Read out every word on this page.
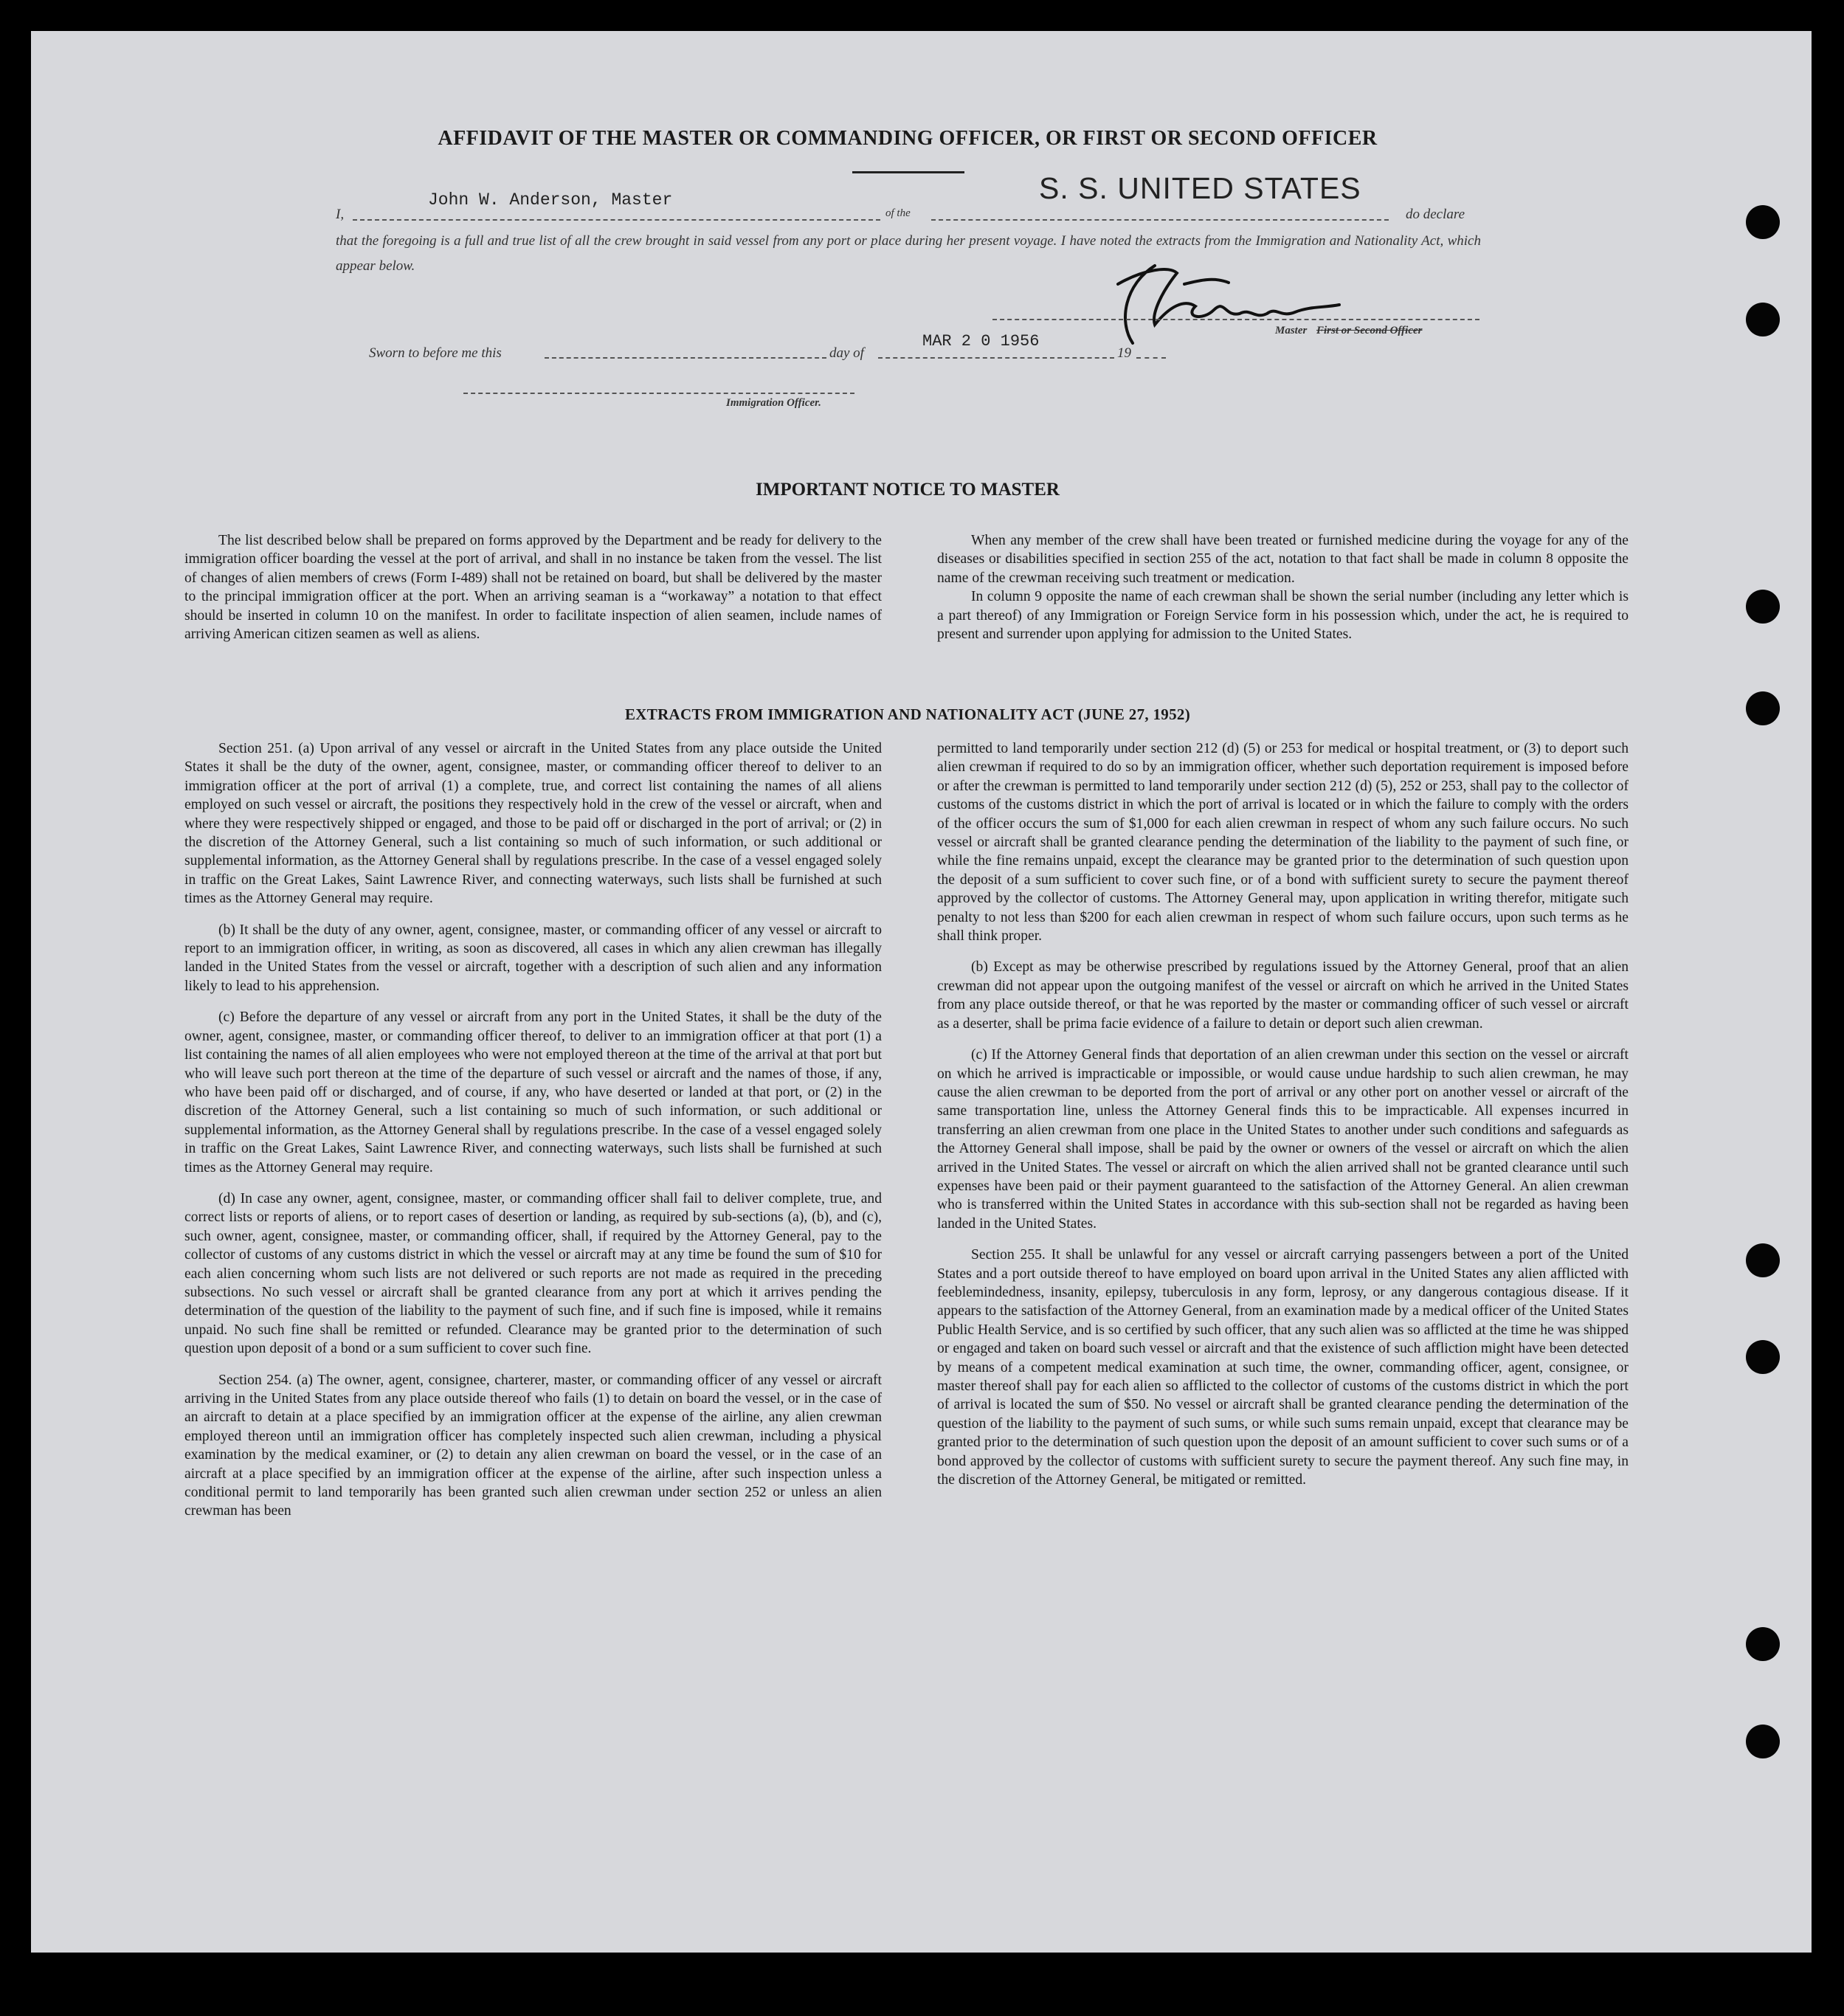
AFFIDAVIT OF THE MASTER OR COMMANDING OFFICER, OR FIRST OR SECOND OFFICER
I,
John W. Anderson, Master
of the
S. S. UNITED STATES
do declare
that the foregoing is a full and true list of all the crew brought in said vessel from any port or place during her present voyage. I have noted the extracts from the Immigration and Nationality Act, which appear below.
Master First or Second Officer
Sworn to before me this	day of
MAR 2 0 1956
19
Immigration Officer.
IMPORTANT NOTICE TO MASTER

The list described below shall be prepared on forms approved by the Department and be ready for delivery to the immigration officer boarding the vessel at the port of arrival, and shall in no instance be taken from the vessel. The list of changes of alien members of crews (Form I-489) shall not be retained on board, but shall be delivered by the master to the principal immigration officer at the port. When an arriving seaman is a “workaway” a notation to that effect should be inserted in column 10 on the manifest. In order to facilitate inspection of alien seamen, include names of arriving American citizen seamen as well as aliens.

When any member of the crew shall have been treated or furnished medicine during the voyage for any of the diseases or disabilities specified in section 255 of the act, notation to that fact shall be made in column 8 opposite the name of the crewman receiving such treatment or medication.

In column 9 opposite the name of each crewman shall be shown the serial number (including any letter which is a part thereof) of any Immigration or Foreign Service form in his possession which, under the act, he is required to present and surrender upon applying for admission to the United States.

EXTRACTS FROM IMMIGRATION AND NATIONALITY ACT (JUNE 27, 1952)

Section 251. (a) Upon arrival of any vessel or aircraft in the United States from any place outside the United States it shall be the duty of the owner, agent, consignee, master, or commanding officer thereof to deliver to an immigration officer at the port of arrival (1) a complete, true, and correct list containing the names of all aliens employed on such vessel or aircraft, the positions they respectively hold in the crew of the vessel or aircraft, when and where they were respectively shipped or engaged, and those to be paid off or discharged in the port of arrival; or (2) in the discretion of the Attorney General, such a list containing so much of such information, or such additional or supplemental information, as the Attorney General shall by regulations prescribe. In the case of a vessel engaged solely in traffic on the Great Lakes, Saint Lawrence River, and connecting waterways, such lists shall be furnished at such times as the Attorney General may require.

(b) It shall be the duty of any owner, agent, consignee, master, or commanding officer of any vessel or aircraft to report to an immigration officer, in writing, as soon as discovered, all cases in which any alien crewman has illegally landed in the United States from the vessel or aircraft, together with a description of such alien and any information likely to lead to his apprehension.

(c) Before the departure of any vessel or aircraft from any port in the United States, it shall be the duty of the owner, agent, consignee, master, or commanding officer thereof, to deliver to an immigration officer at that port (1) a list containing the names of all alien employees who were not employed thereon at the time of the arrival at that port but who will leave such port thereon at the time of the departure of such vessel or aircraft and the names of those, if any, who have been paid off or discharged, and of course, if any, who have deserted or landed at that port, or (2) in the discretion of the Attorney General, such a list containing so much of such information, or such additional or supplemental information, as the Attorney General shall by regulations prescribe. In the case of a vessel engaged solely in traffic on the Great Lakes, Saint Lawrence River, and connecting waterways, such lists shall be furnished at such times as the Attorney General may require.

(d) In case any owner, agent, consignee, master, or commanding officer shall fail to deliver complete, true, and correct lists or reports of aliens, or to report cases of desertion or landing, as required by sub-sections (a), (b), and (c), such owner, agent, consignee, master, or commanding officer, shall, if required by the Attorney General, pay to the collector of customs of any customs district in which the vessel or aircraft may at any time be found the sum of $10 for each alien concerning whom such lists are not delivered or such reports are not made as required in the preceding subsections. No such vessel or aircraft shall be granted clearance from any port at which it arrives pending the determination of the question of the liability to the payment of such fine, and if such fine is imposed, while it remains unpaid. No such fine shall be remitted or refunded. Clearance may be granted prior to the determination of such question upon deposit of a bond or a sum sufficient to cover such fine.

Section 254. (a) The owner, agent, consignee, charterer, master, or commanding officer of any vessel or aircraft arriving in the United States from any place outside thereof who fails (1) to detain on board the vessel, or in the case of an aircraft to detain at a place specified by an immigration officer at the expense of the airline, any alien crewman employed thereon until an immigration officer has completely inspected such alien crewman, including a physical examination by the medical examiner, or (2) to detain any alien crewman on board the vessel, or in the case of an aircraft at a place specified by an immigration officer at the expense of the airline, after such inspection unless a conditional permit to land temporarily has been granted such alien crewman under section 252 or unless an alien crewman has been

permitted to land temporarily under section 212 (d) (5) or 253 for medical or hospital treatment, or (3) to deport such alien crewman if required to do so by an immigration officer, whether such deportation requirement is imposed before or after the crewman is permitted to land temporarily under section 212 (d) (5), 252 or 253, shall pay to the collector of customs of the customs district in which the port of arrival is located or in which the failure to comply with the orders of the officer occurs the sum of $1,000 for each alien crewman in respect of whom any such failure occurs. No such vessel or aircraft shall be granted clearance pending the determination of the liability to the payment of such fine, or while the fine remains unpaid, except the clearance may be granted prior to the determination of such question upon the deposit of a sum sufficient to cover such fine, or of a bond with sufficient surety to secure the payment thereof approved by the collector of customs. The Attorney General may, upon application in writing therefor, mitigate such penalty to not less than $200 for each alien crewman in respect of whom such failure occurs, upon such terms as he shall think proper.

(b) Except as may be otherwise prescribed by regulations issued by the Attorney General, proof that an alien crewman did not appear upon the outgoing manifest of the vessel or aircraft on which he arrived in the United States from any place outside thereof, or that he was reported by the master or commanding officer of such vessel or aircraft as a deserter, shall be prima facie evidence of a failure to detain or deport such alien crewman.

(c) If the Attorney General finds that deportation of an alien crewman under this section on the vessel or aircraft on which he arrived is impracticable or impossible, or would cause undue hardship to such alien crewman, he may cause the alien crewman to be deported from the port of arrival or any other port on another vessel or aircraft of the same transportation line, unless the Attorney General finds this to be impracticable. All expenses incurred in transferring an alien crewman from one place in the United States to another under such conditions and safeguards as the Attorney General shall impose, shall be paid by the owner or owners of the vessel or aircraft on which the alien arrived in the United States. The vessel or aircraft on which the alien arrived shall not be granted clearance until such expenses have been paid or their payment guaranteed to the satisfaction of the Attorney General. An alien crewman who is transferred within the United States in accordance with this sub-section shall not be regarded as having been landed in the United States.

Section 255. It shall be unlawful for any vessel or aircraft carrying passengers between a port of the United States and a port outside thereof to have employed on board upon arrival in the United States any alien afflicted with feeblemindedness, insanity, epilepsy, tuberculosis in any form, leprosy, or any dangerous contagious disease. If it appears to the satisfaction of the Attorney General, from an examination made by a medical officer of the United States Public Health Service, and is so certified by such officer, that any such alien was so afflicted at the time he was shipped or engaged and taken on board such vessel or aircraft and that the existence of such affliction might have been detected by means of a competent medical examination at such time, the owner, commanding officer, agent, consignee, or master thereof shall pay for each alien so afflicted to the collector of customs of the customs district in which the port of arrival is located the sum of $50. No vessel or aircraft shall be granted clearance pending the determination of the question of the liability to the payment of such sums, or while such sums remain unpaid, except that clearance may be granted prior to the determination of such question upon the deposit of an amount sufficient to cover such sums or of a bond approved by the collector of customs with sufficient surety to secure the payment thereof. Any such fine may, in the discretion of the Attorney General, be mitigated or remitted.
